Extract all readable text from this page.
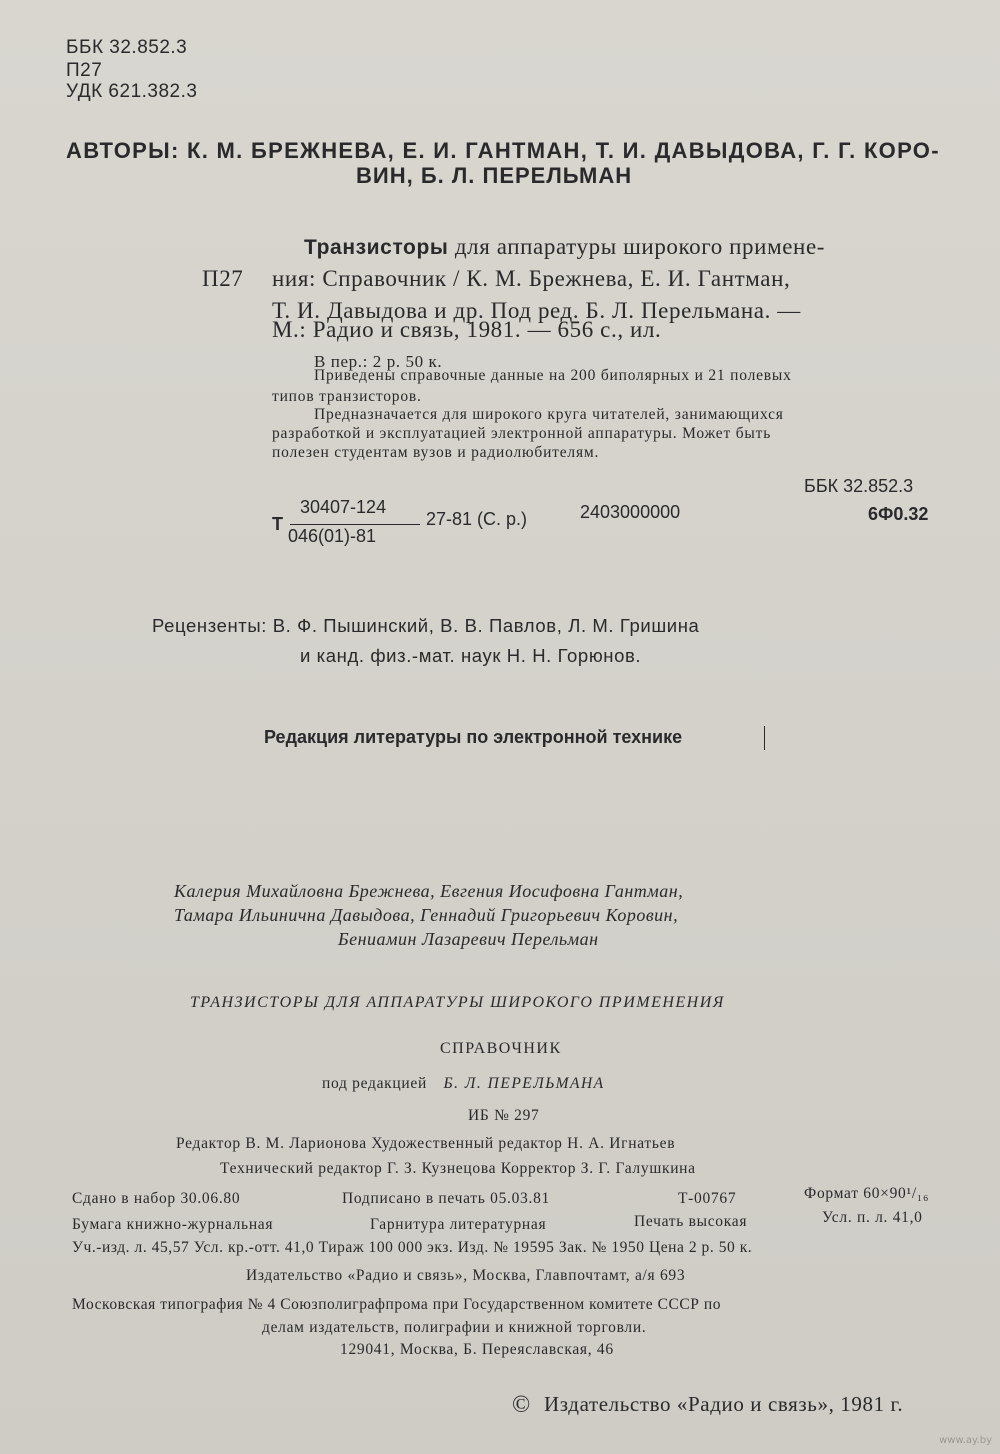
ББК 32.852.3
П27
УДК 621.382.3
АВТОРЫ: К. М. БРЕЖНЕВА, Е. И. ГАНТМАН, Т. И. ДАВЫДОВА, Г. Г. КОРО-
ВИН, Б. Л. ПЕРЕЛЬМАН
Транзисторы для аппаратуры широкого примене-
П27 ния: Справочник / К. М. Брежнева, Е. И. Гантман,
Т. И. Давыдова и др. Под ред. Б. Л. Перельмана. —
М.: Радио и связь, 1981. — 656 с., ил.
В пер.: 2 р. 50 к.
Приведены справочные данные на 200 биполярных и 21 полевых
типов транзисторов.
Предназначается для широкого круга читателей, занимающихся
разработкой и эксплуатацией электронной аппаратуры. Может быть
полезен студентам вузов и радиолюбителям.
Т
30407-124
046(01)-81
27-81 (С. р.)	2403000000
ББК 32.852.3
6Ф0.32
Рецензенты: В. Ф. Пышинский, В. В. Павлов, Л. М. Гришина
и канд. физ.-мат. наук Н. Н. Горюнов.
Редакция литературы по электронной технике
Калерия Михайловна Брежнева, Евгения Иосифовна Гантман,
Тамара Ильинична Давыдова, Геннадий Григорьевич Коровин,
Бениамин Лазаревич Перельман
ТРАНЗИСТОРЫ ДЛЯ АППАРАТУРЫ ШИРОКОГО ПРИМЕНЕНИЯ
СПРАВОЧНИК
под редакцией Б. Л. ПЕРЕЛЬМАНА
ИБ № 297
Редактор В. М. Ларионова Художественный редактор Н. А. Игнатьев
Технический редактор Г. З. Кузнецова Корректор З. Г. Галушкина
Сдано в набор 30.06.80	Подписано в печать 05.03.81	Т-00767	Формат 60×90¹/₁₆
Бумага книжно-журнальная	Гарнитура литературная	Печать высокая	Усл. п. л. 41,0
Уч.-изд. л. 45,57 Усл. кр.-отт. 41,0 Тираж 100 000 экз. Изд. № 19595 Зак. № 1950 Цена 2 р. 50 к.
Издательство «Радио и связь», Москва, Главпочтамт, а/я 693
Московская типография № 4 Союзполиграфпрома при Государственном комитете СССР по
делам издательств, полиграфии и книжной торговли.
129041, Москва, Б. Переяславская, 46
© Издательство «Радио и связь», 1981 г.
www.ay.by
